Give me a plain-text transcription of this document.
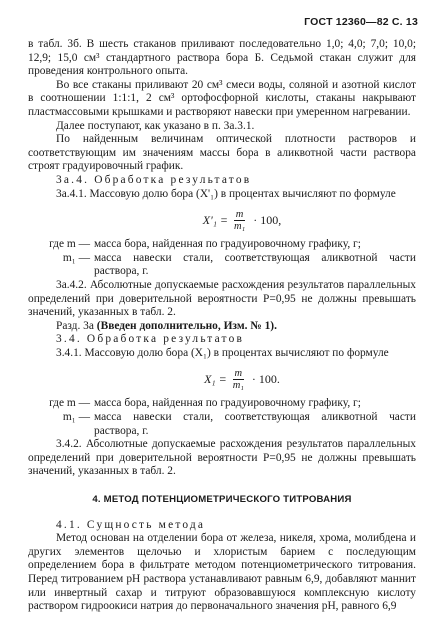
ГОСТ 12360—82 С. 13

в табл. 3б. В шесть стаканов приливают последовательно 1,0; 4,0; 7,0; 10,0; 12,9; 15,0 см³ стандартного раствора бора Б. Седьмой стакан служит для проведения контрольного опыта.

Во все стаканы приливают 20 см³ смеси воды, соляной и азотной кислот в соотношении 1:1:1, 2 см³ ортофосфорной кислоты, стаканы накрывают пластмассовыми крышками и растворяют навески при умеренном нагревании.

Далее поступают, как указано в п. 3а.3.1.

По найденным величинам оптической плотности растворов и соответствующим им значениям массы бора в аликвотной части раствора строят градуировочный график.

3а.4. Обработка результатов

3а.4.1. Массовую долю бора (X'₁) в процентах вычисляют по формуле

$X'_1 = \frac{m}{\text{m₁}} \cdot 100$,
где m — масса бора, найденная по градуировочному графику, г;
m₁ — масса навески стали, соответствующая аликвотной части раствора, г.

3а.4.2. Абсолютные допускаемые расхождения результатов параллельных определений при доверительной вероятности P=0,95 не должны превышать значений, указанных в табл. 2.

Разд. 3а (Введен дополнительно, Изм. № 1).

3.4. Обработка результатов

3.4.1. Массовую долю бора (X₁) в процентах вычисляют по формуле

$X_1 = \frac{m}{\text{m₁}} \cdot 100$.
где m — масса бора, найденная по градуировочному графику, г;
m₁ — масса навески стали, соответствующая аликвотной части раствора, г.

3.4.2. Абсолютные допускаемые расхождения результатов параллельных определений при доверительной вероятности P=0,95 не должны превышать значений, указанных в табл. 2.

4. МЕТОД ПОТЕНЦИОМЕТРИЧЕСКОГО ТИТРОВАНИЯ

4.1. Сущность метода

Метод основан на отделении бора от железа, никеля, хрома, молибдена и других элементов щелочью и хлористым барием с последующим определением бора в фильтрате методом потенциометрического титрования. Перед титрованием pH раствора устанавливают равным 6,9, добавляют маннит или инвертный сахар и титруют образовавшуюся комплексную кислоту раствором гидроокиси натрия до первоначального значения pH, равного 6,9
